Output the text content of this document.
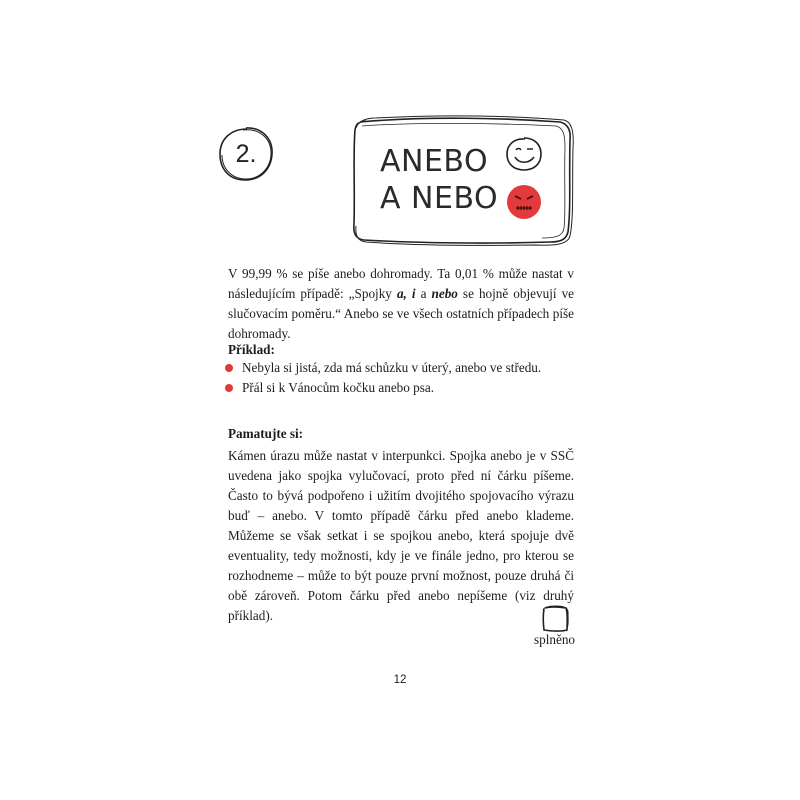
2.	ANEBO
A NEBO

V 99,99 % se píše anebo dohromady. Ta 0,01 % může nastat v následujícím případě: „Spojky a, i a nebo se hojně objevují ve slučovacím poměru.“ Anebo se ve všech ostatních případech píše dohromady.

Příklad:
Nebyla si jistá, zda má schůzku v úterý, anebo ve středu.
Přál si k Vánocům kočku anebo psa.
Pamatujte si:

Kámen úrazu může nastat v interpunkci. Spojka anebo je v SSČ uvedena jako spojka vylučovací, proto před ní čárku píšeme. Často to bývá podpořeno i užitím dvojitého spojovacího výrazu buď – anebo. V tomto případě čárku před anebo klademe. Můžeme se však setkat i se spojkou anebo, která spojuje dvě eventuality, tedy možnosti, kdy je ve finále jedno, pro kterou se rozhodneme – může to být pouze první možnost, pouze druhá či obě zároveň. Potom čárku před anebo nepíšeme (viz druhý příklad).

splněno
12
